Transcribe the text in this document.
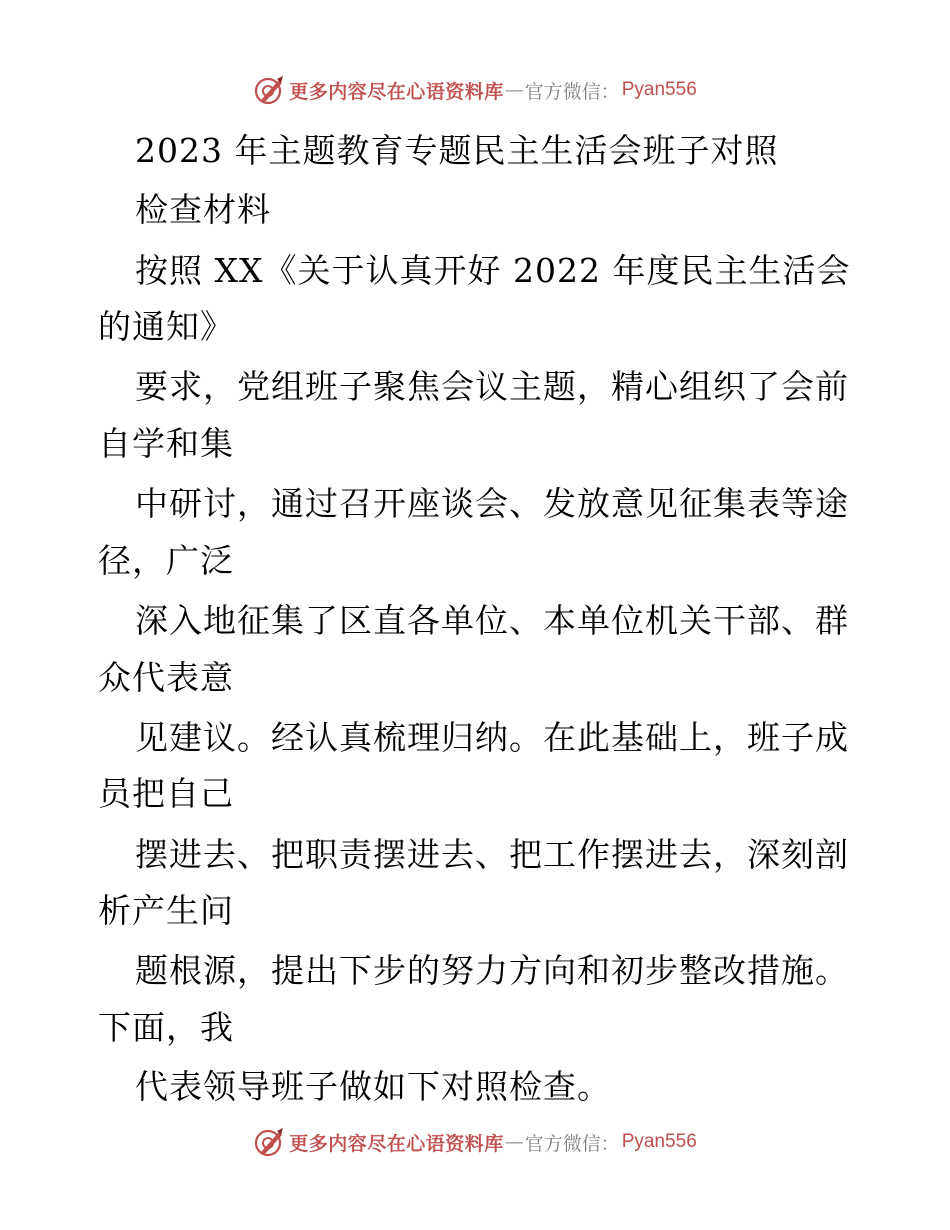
更多内容尽在心语资料库 — 官方微信： Pyan556
2023 年主题教育专题民主生活会班子对照
检查材料
按照 XX《关于认真开好 2022 年度民主生活会
的通知》
要求，党组班子聚焦会议主题，精心组织了会前
自学和集
中研讨，通过召开座谈会、发放意见征集表等途
径，广泛
深入地征集了区直各单位、本单位机关干部、群
众代表意
见建议。经认真梳理归纳。在此基础上，班子成
员把自己
摆进去、把职责摆进去、把工作摆进去，深刻剖
析产生问
题根源，提出下步的努力方向和初步整改措施。
下面，我
代表领导班子做如下对照检查。
更多内容尽在心语资料库 — 官方微信： Pyan556
